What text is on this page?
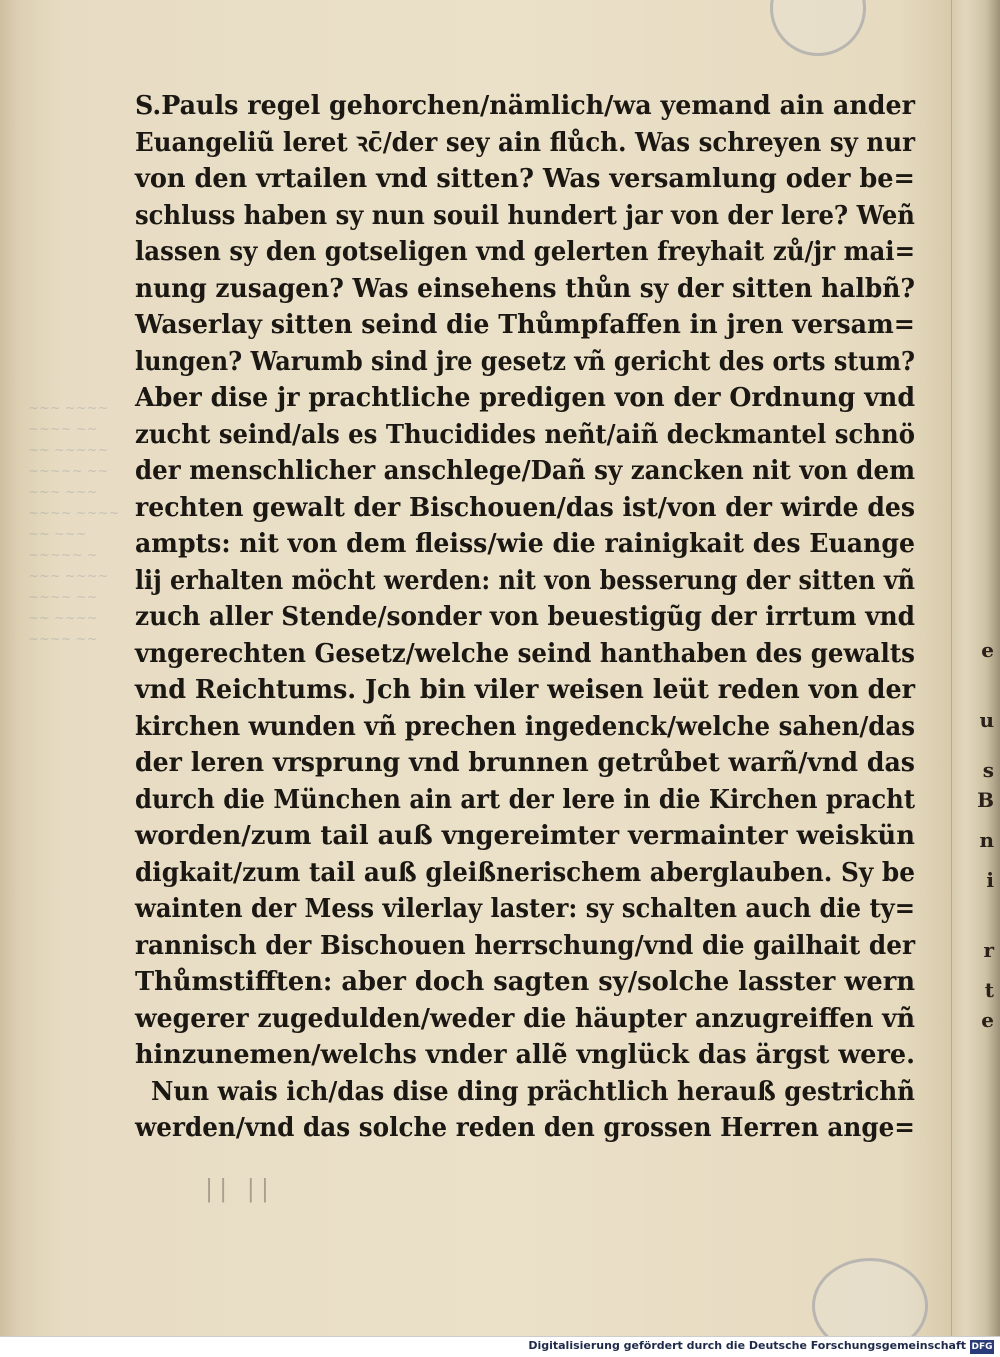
e
u
s
B
n
i
r
t
e
~~~ ~~~~
~~~~ ~~
~~ ~~~~~
~~~~~ ~~
~~~ ~~~
~~~~ ~~~~
~~ ~~~
~~~~~ ~
~~~ ~~~~
~~~~ ~~
~~ ~~~~
~~~~ ~~
S.Pauls regel gehorchen/nämlich/wa yemand ain ander
Euangeliũ leret ꝛc̄/der sey ain flůch. Was schreyen sy nur
von den vrtailen vnd sitten? Was versamlung oder be=
schluss haben sy nun souil hundert jar von der lere? Weñ
lassen sy den gotseligen vnd gelerten freyhait zů/jr mai=
nung zusagen? Was einsehens thůn sy der sitten halbñ?
Waserlay sitten seind die Thůmpfaffen in jren versam=
lungen? Warumb sind jre gesetz vñ gericht des orts stum?
Aber dise jr prachtliche predigen von der Ordnung vnd
zucht seind/als es Thucidides neñt/aiñ deckmantel schnö
der menschlicher anschlege/Dañ sy zancken nit von dem
rechten gewalt der Bischouen/das ist/von der wirde des
ampts: nit von dem fleiss/wie die rainigkait des Euange
lij erhalten möcht werden: nit von besserung der sitten vñ
zuch aller Stende/sonder von beuestigũg der irrtum vnd
vngerechten Gesetz/welche seind hanthaben des gewalts
vnd Reichtums. Jch bin viler weisen leüt reden von der
kirchen wunden vñ prechen ingedenck/welche sahen/das
der leren vrsprung vnd brunnen getrůbet warñ/vnd das
durch die München ain art der lere in die Kirchen pracht
worden/zum tail auß vngereimter vermainter weiskün
digkait/zum tail auß gleißnerischem aberglauben. Sy be
wainten der Mess vilerlay laster: sy schalten auch die ty=
rannisch der Bischouen herrschung/vnd die gailhait der
Thůmstifften: aber doch sagten sy/solche lasster wern
wegerer zugedulden/weder die häupter anzugreiffen vñ
hinzunemen/welchs vnder allẽ vnglück das ärgst were.
Nun wais ich/das dise ding prächtlich herauß gestrichñ
werden/vnd das solche reden den grossen Herren ange=
|| ||
Digitalisierung gefördert durch die Deutsche Forschungsgemeinschaft DFG
